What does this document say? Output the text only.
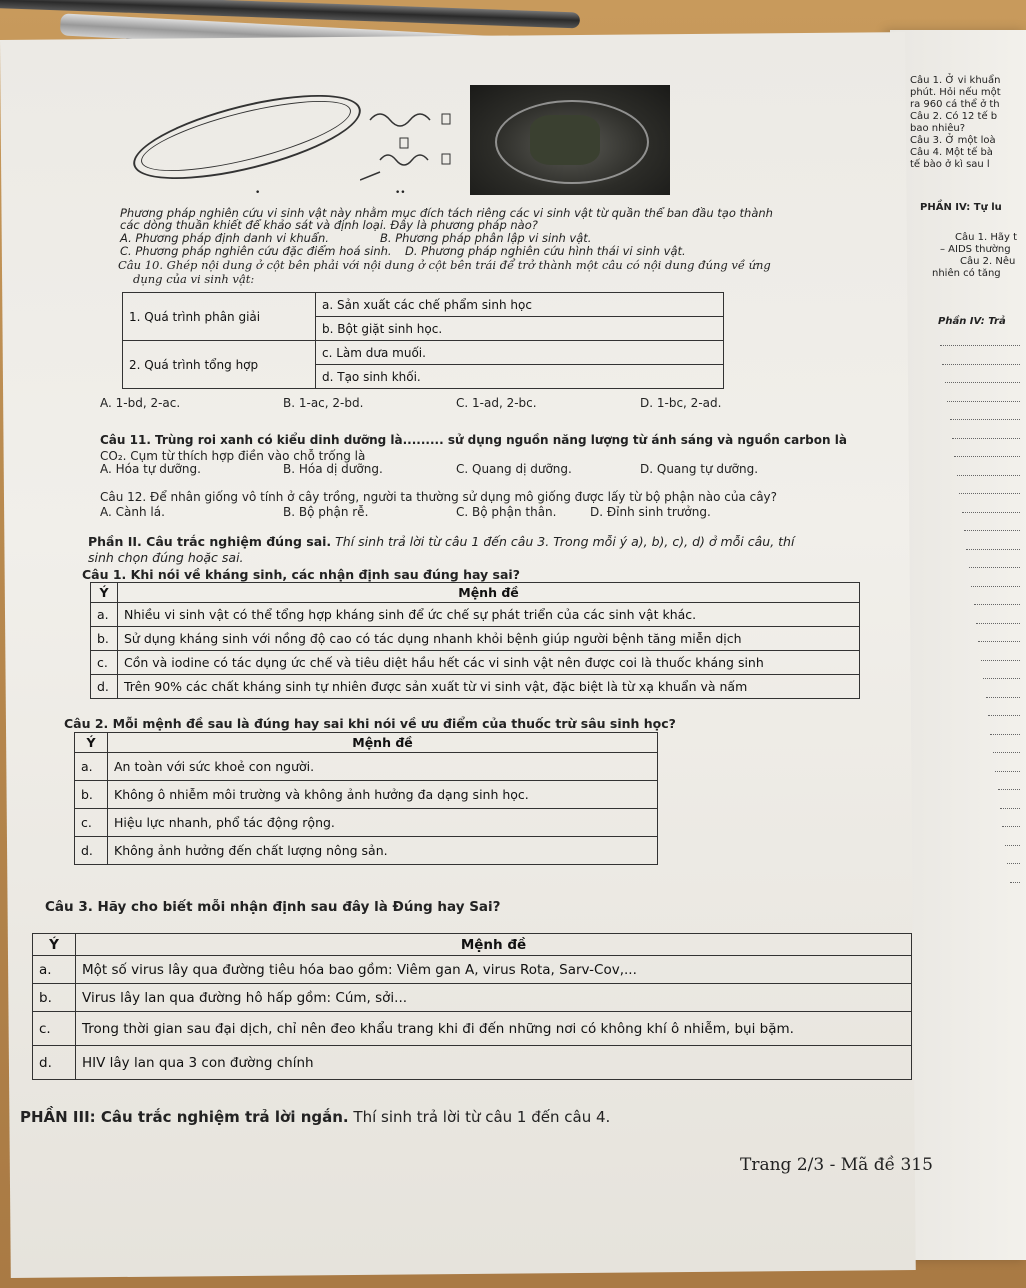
Câu 1. Ở vi khuẩn
phút. Hỏi nếu một
ra 960 cá thể ở th
Câu 2. Có 12 tế b
bao nhiêu?
Câu 3. Ở một loà
Câu 4. Một tế bà
tế bào ở kì sau l
PHẦN IV: Tự lu
Câu 1. Hãy t
– AIDS thường
Câu 2. Nêu
nhiên có tăng
Phần IV: Trả
•	••
Phương pháp nghiên cứu vi sinh vật này nhằm mục đích tách riêng các vi sinh vật từ quần thể ban đầu tạo thành
các dòng thuần khiết để khảo sát và định loại. Đây là phương pháp nào?
A. Phương pháp định danh vi khuẩn.	B. Phương pháp phân lập vi sinh vật.
C. Phương pháp nghiên cứu đặc điểm hoá sinh. D. Phương pháp nghiên cứu hình thái vi sinh vật.
Câu 10. Ghép nội dung ở cột bên phải với nội dung ở cột bên trái để trở thành một câu có nội dung đúng về ứng
dụng của vi sinh vật:
1. Quá trình phân giải	a. Sản xuất các chế phẩm sinh học
	b. Bột giặt sinh học.
2. Quá trình tổng hợp	c. Làm dưa muối.
	d. Tạo sinh khối.
A. 1-bd, 2-ac.	B. 1-ac, 2-bd.	C. 1-ad, 2-bc.	D. 1-bc, 2-ad.
Câu 11. Trùng roi xanh có kiểu dinh dưỡng là......... sử dụng nguồn năng lượng từ ánh sáng và nguồn carbon là
CO₂. Cụm từ thích hợp điền vào chỗ trống là
A. Hóa tự dưỡng.	B. Hóa dị dưỡng.	C. Quang dị dưỡng.	D. Quang tự dưỡng.
Câu 12. Để nhân giống vô tính ở cây trồng, người ta thường sử dụng mô giống được lấy từ bộ phận nào của cây?
A. Cành lá.	B. Bộ phận rễ.	C. Bộ phận thân.	D. Đỉnh sinh trưởng.
Phần II. Câu trắc nghiệm đúng sai. Thí sinh trả lời từ câu 1 đến câu 3. Trong mỗi ý a), b), c), d) ở mỗi câu, thí
sinh chọn đúng hoặc sai.
Câu 1. Khi nói về kháng sinh, các nhận định sau đúng hay sai?
Ý	Mệnh đề
a.	Nhiều vi sinh vật có thể tổng hợp kháng sinh để ức chế sự phát triển của các sinh vật khác.
b.	Sử dụng kháng sinh với nồng độ cao có tác dụng nhanh khỏi bệnh giúp người bệnh tăng miễn dịch
c.	Cồn và iodine có tác dụng ức chế và tiêu diệt hầu hết các vi sinh vật nên được coi là thuốc kháng sinh
d.	Trên 90% các chất kháng sinh tự nhiên được sản xuất từ vi sinh vật, đặc biệt là từ xạ khuẩn và nấm
Câu 2. Mỗi mệnh đề sau là đúng hay sai khi nói về ưu điểm của thuốc trừ sâu sinh học?
Ý	Mệnh đề
a.	An toàn với sức khoẻ con người.
b.	Không ô nhiễm môi trường và không ảnh hưởng đa dạng sinh học.
c.	Hiệu lực nhanh, phổ tác động rộng.
d.	Không ảnh hưởng đến chất lượng nông sản.
Câu 3. Hãy cho biết mỗi nhận định sau đây là Đúng hay Sai?
Ý	Mệnh đề
a.	Một số virus lây qua đường tiêu hóa bao gồm: Viêm gan A, virus Rota, Sarv-Cov,...
b.	Virus lây lan qua đường hô hấp gồm: Cúm, sởi...
c.	Trong thời gian sau đại dịch, chỉ nên đeo khẩu trang khi đi đến những nơi có không khí ô nhiễm, bụi bặm.
d.	HIV lây lan qua 3 con đường chính
PHẦN III: Câu trắc nghiệm trả lời ngắn. Thí sinh trả lời từ câu 1 đến câu 4.
Trang 2/3 - Mã đề 315
